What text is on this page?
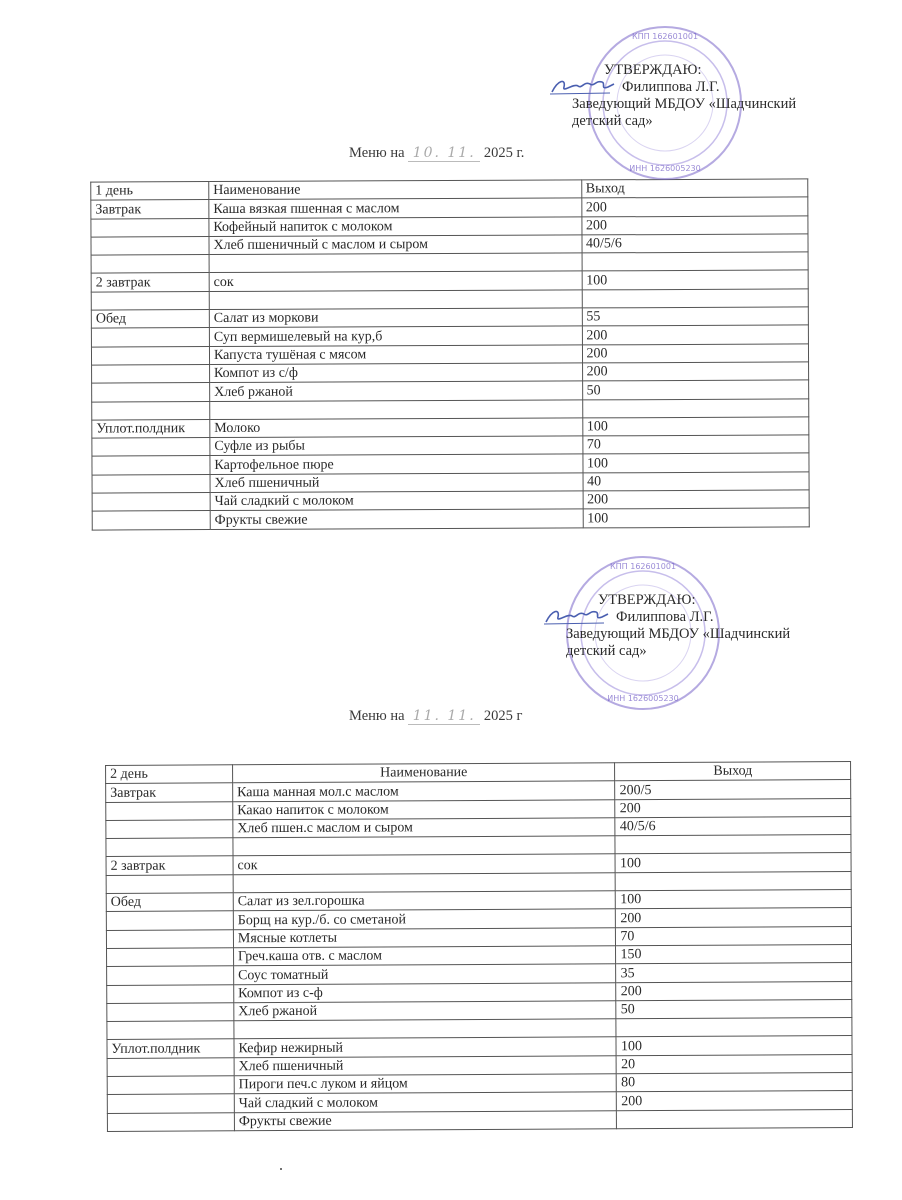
КПП 162601001
ИНН 1626005230
УТВЕРЖДАЮ:
Филиппова Л.Г.
Заведующий МБДОУ «Шадчинский
детский сад»
Меню на 10. 11. 2025 г.
1 день	Наименование	Выход
Завтрак	Каша вязкая пшенная с маслом	200
	Кофейный напиток с молоком	200
	Хлеб пшеничный с маслом и сыром	40/5/6

2 завтрак	сок	100

Обед	Салат из моркови	55
	Суп вермишелевый на кур,б	200
	Капуста тушёная с мясом	200
	Компот из с/ф	200
	Хлеб ржаной	50

Уплот.полдник	Молоко	100
	Суфле из рыбы	70
	Картофельное пюре	100
	Хлеб пшеничный	40
	Чай сладкий с молоком	200
	Фрукты свежие	100
КПП 162601001
ИНН 1626005230
УТВЕРЖДАЮ:
Филиппова Л.Г.
Заведующий МБДОУ «Шадчинский
детский сад»
Меню на 11. 11. 2025 г
2 день	Наименование	Выход
Завтрак	Каша манная мол.с маслом	200/5
	Какао напиток с молоком	200
	Хлеб пшен.с маслом и сыром	40/5/6

2 завтрак	сок	100

Обед	Салат из зел.горошка	100
	Борщ на кур./б. со сметаной	200
	Мясные котлеты	70
	Греч.каша отв. с маслом	150
	Соус томатный	35
	Компот из с-ф	200
	Хлеб ржаной	50

Уплот.полдник	Кефир нежирный	100
	Хлеб пшеничный	20
	Пироги печ.с луком и яйцом	80
	Чай сладкий с молоком	200
	Фрукты свежие	
